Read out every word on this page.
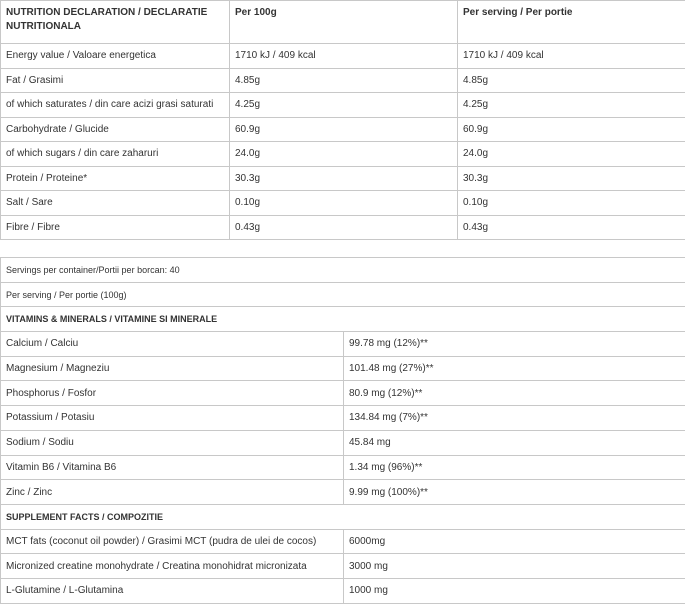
NUTRITION DECLARATION / DECLARATIE NUTRITIONALA	Per 100g	Per serving / Per portie
Energy value / Valoare energetica	1710 kJ / 409 kcal	1710 kJ / 409 kcal
Fat / Grasimi	4.85g	4.85g
of which saturates / din care acizi grasi saturati	4.25g	4.25g
Carbohydrate / Glucide	60.9g	60.9g
of which sugars / din care zaharuri	24.0g	24.0g
Protein / Proteine*	30.3g	30.3g
Salt / Sare	0.10g	0.10g
Fibre / Fibre	0.43g	0.43g
Servings per container/Portii per borcan: 40	
Per serving / Per portie (100g)	
VITAMINS & MINERALS / VITAMINE SI MINERALE	
Calcium / Calciu	99.78 mg (12%)**
Magnesium / Magneziu	101.48 mg (27%)**
Phosphorus / Fosfor	80.9 mg (12%)**
Potassium / Potasiu	134.84 mg (7%)**
Sodium / Sodiu	45.84 mg
Vitamin B6 / Vitamina B6	1.34 mg (96%)**
Zinc / Zinc	9.99 mg (100%)**
SUPPLEMENT FACTS / COMPOZITIE	
MCT fats (coconut oil powder) / Grasimi MCT (pudra de ulei de cocos)	6000mg
Micronized creatine monohydrate / Creatina monohidrat micronizata	3000 mg
L-Glutamine / L-Glutamina	1000 mg
